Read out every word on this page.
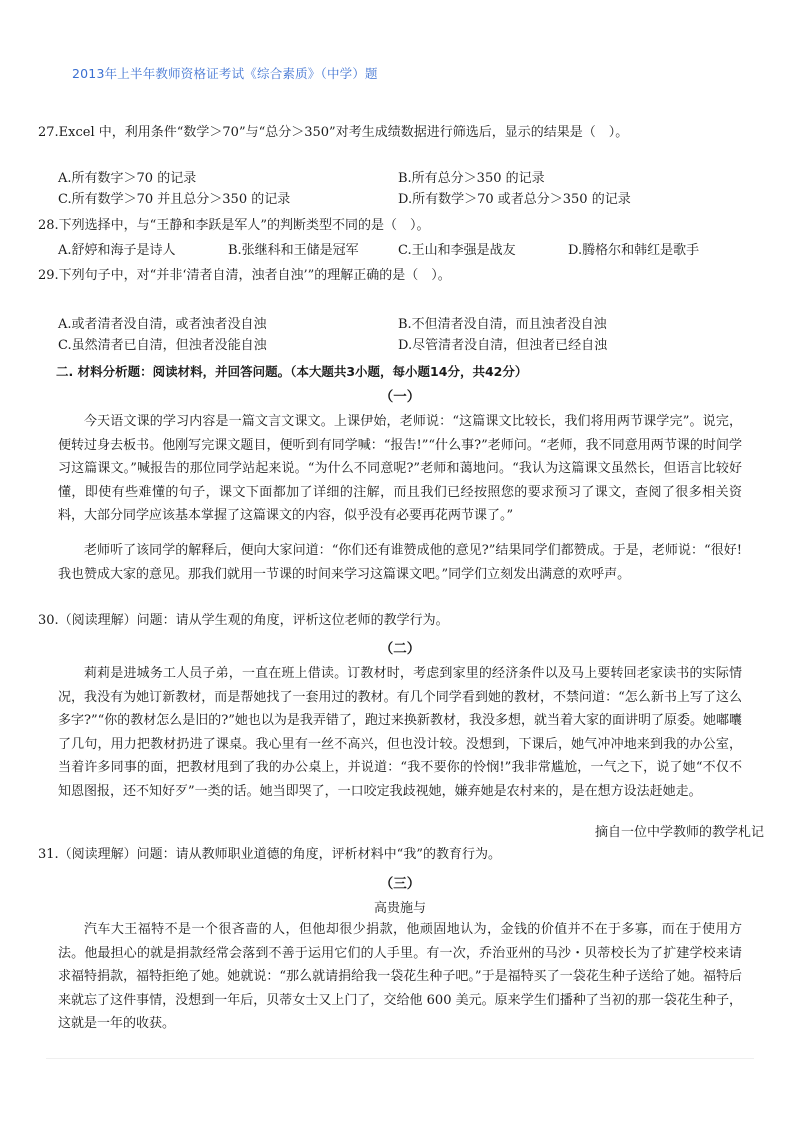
2013年上半年教师资格证考试《综合素质》（中学）题
27.Excel 中，利用条件“数学＞70”与“总分＞350”对考生成绩数据进行筛选后，显示的结果是（　）。
A.所有数字＞70 的记录	B.所有总分＞350 的记录
C.所有数学＞70 并且总分＞350 的记录	D.所有数学＞70 或者总分＞350 的记录
28.下列选择中，与“王静和李跃是军人”的判断类型不同的是（　）。
A.舒婷和海子是诗人	B.张继科和王储是冠军	C.王山和李强是战友	D.腾格尔和韩红是歌手
29.下列句子中，对“并非‘清者自清，浊者自浊’”的理解正确的是（　）。
A.或者清者没自清，或者浊者没自浊	B.不但清者没自清，而且浊者没自浊
C.虽然清者已自清，但浊者没能自浊	D.尽管清者没自清，但浊者已经自浊
二. 材料分析题：阅读材料，并回答问题。（本大题共3小题，每小题14分，共42分）
（一）
今天语文课的学习内容是一篇文言文课文。上课伊始，老师说：“这篇课文比较长，我们将用两节课学完”。说完，便转过身去板书。他刚写完课文题目，便听到有同学喊：“报告!”“什么事?”老师问。“老师，我不同意用两节课的时间学习这篇课文。”喊报告的那位同学站起来说。“为什么不同意呢?”老师和蔼地问。“我认为这篇课文虽然长，但语言比较好懂，即使有些难懂的句子，课文下面都加了详细的注解，而且我们已经按照您的要求预习了课文，查阅了很多相关资料，大部分同学应该基本掌握了这篇课文的内容，似乎没有必要再花两节课了。”
老师听了该同学的解释后，便向大家问道：“你们还有谁赞成他的意见?”结果同学们都赞成。于是，老师说：“很好!我也赞成大家的意见。那我们就用一节课的时间来学习这篇课文吧。”同学们立刻发出满意的欢呼声。
30.（阅读理解）问题：请从学生观的角度，评析这位老师的教学行为。
（二）
莉莉是进城务工人员子弟，一直在班上借读。订教材时，考虑到家里的经济条件以及马上要转回老家读书的实际情况，我没有为她订新教材，而是帮她找了一套用过的教材。有几个同学看到她的教材，不禁问道：“怎么新书上写了这么多字?”“你的教材怎么是旧的?”她也以为是我弄错了，跑过来换新教材，我没多想，就当着大家的面讲明了原委。她嘟囔了几句，用力把教材扔进了课桌。我心里有一丝不高兴，但也没计较。没想到，下课后，她气冲冲地来到我的办公室，当着许多同事的面，把教材甩到了我的办公桌上，并说道：“我不要你的怜悯!”我非常尴尬，一气之下，说了她“不仅不知恩图报，还不知好歹”一类的话。她当即哭了，一口咬定我歧视她，嫌弃她是农村来的，是在想方设法赶她走。
摘自一位中学教师的教学札记
31.（阅读理解）问题：请从教师职业道德的角度，评析材料中“我”的教育行为。
（三）
高贵施与
汽车大王福特不是一个很吝啬的人，但他却很少捐款，他顽固地认为，金钱的价值并不在于多寡，而在于使用方法。他最担心的就是捐款经常会落到不善于运用它们的人手里。有一次，乔治亚州的马沙・贝蒂校长为了扩建学校来请求福特捐款，福特拒绝了她。她就说：“那么就请捐给我一袋花生种子吧。”于是福特买了一袋花生种子送给了她。福特后来就忘了这件事情，没想到一年后，贝蒂女士又上门了，交给他 600 美元。原来学生们播种了当初的那一袋花生种子，这就是一年的收获。
